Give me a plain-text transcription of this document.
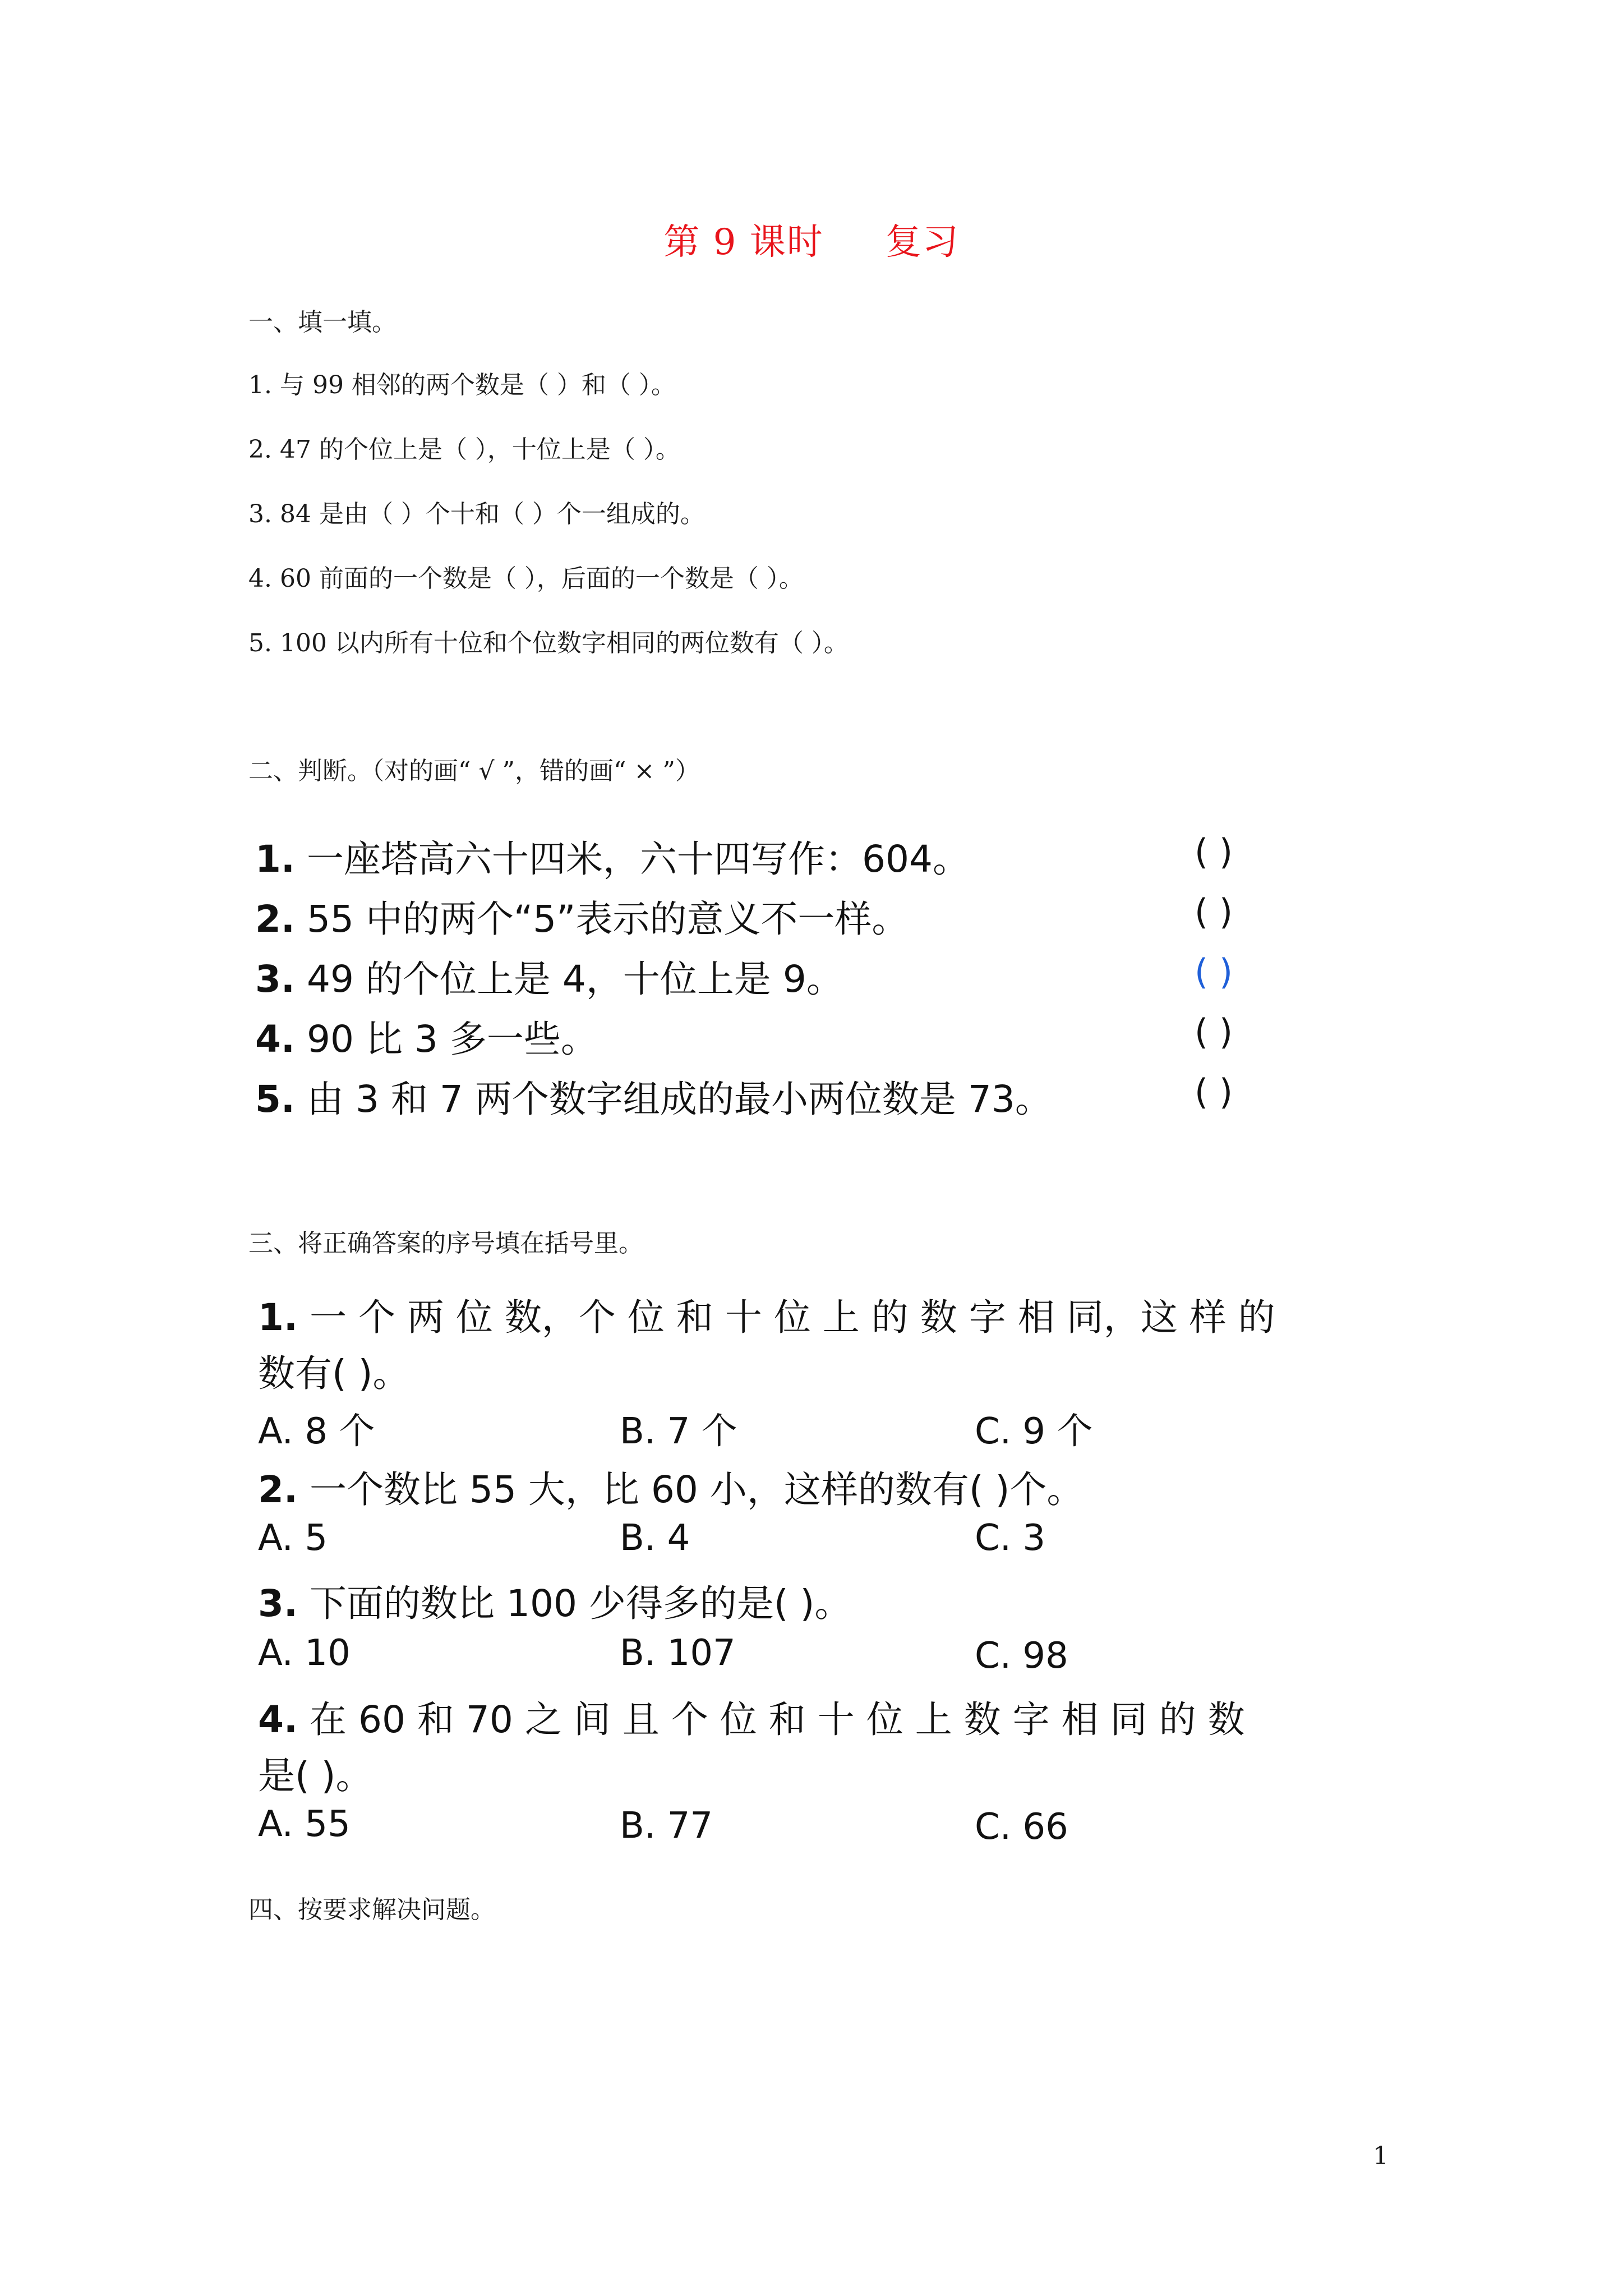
第 9 课时 复习
一、填一填。
1. 与 99 相邻的两个数是（ ）和（ ）。
2. 47 的个位上是（ ），十位上是（ ）。
3. 84 是由（ ）个十和（ ）个一组成的。
4. 60 前面的一个数是（ ），后面的一个数是（ ）。
5. 100 以内所有十位和个位数字相同的两位数有（ ）。
二、判断。（对的画“ √ ”，错的画“ × ”）
1. 一座塔高六十四米，六十四写作：604。	( )
2. 55 中的两个“5”表示的意义不一样。	( )
3. 49 的个位上是 4，十位上是 9。	( )
4. 90 比 3 多一些。	( )
5. 由 3 和 7 两个数字组成的最小两位数是 73。	( )
三、将正确答案的序号填在括号里。
1. 一 个 两 位 数，个 位 和 十 位 上 的 数 字 相 同，这 样 的
数有( )。
A. 8 个	B. 7 个	C. 9 个
2. 一个数比 55 大，比 60 小，这样的数有( )个。
A. 5	B. 4	C. 3
3. 下面的数比 100 少得多的是( )。
A. 10	B. 107	C. 98
4. 在 60 和 70 之 间 且 个 位 和 十 位 上 数 字 相 同 的 数
是( )。
A. 55	B. 77	C. 66
四、按要求解决问题。
1
